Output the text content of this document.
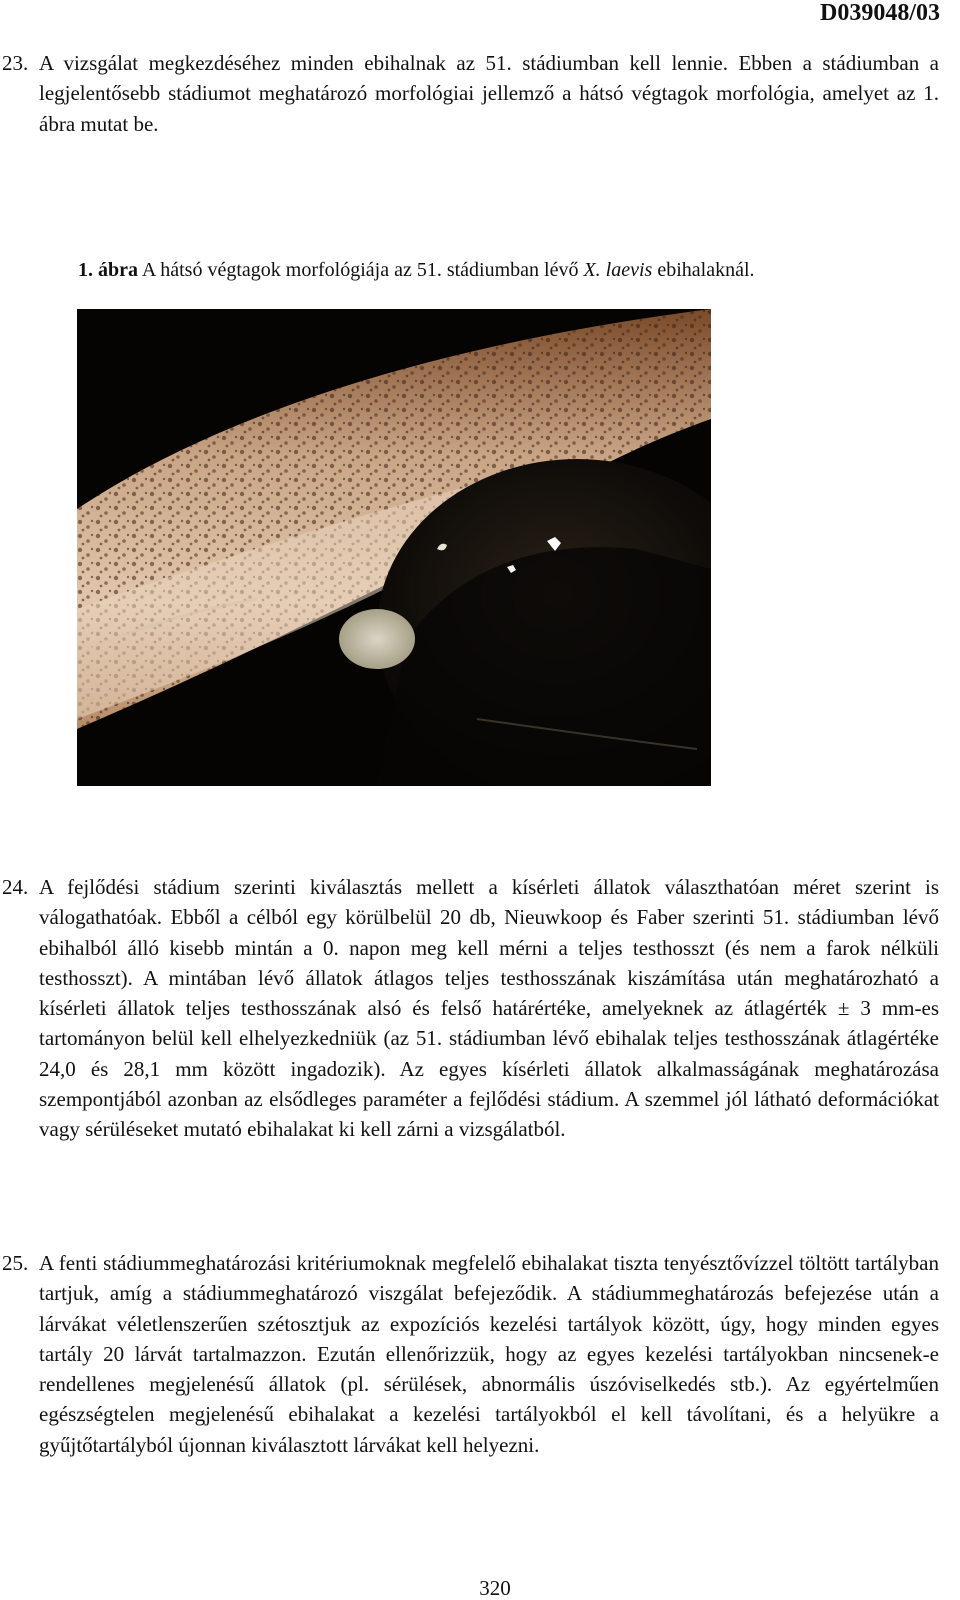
D039048/03
23. A vizsgálat megkezdéséhez minden ebihalnak az 51. stádiumban kell lennie. Ebben a stádiumban a legjelentősebb stádiumot meghatározó morfológiai jellemző a hátsó végtagok morfológia, amelyet az 1. ábra mutat be.
1. ábra A hátsó végtagok morfológiája az 51. stádiumban lévő X. laevis ebihalaknál.
24. A fejlődési stádium szerinti kiválasztás mellett a kísérleti állatok választhatóan méret szerint is válogathatóak. Ebből a célból egy körülbelül 20 db, Nieuwkoop és Faber szerinti 51. stádiumban lévő ebihalból álló kisebb mintán a 0. napon meg kell mérni a teljes testhosszt (és nem a farok nélküli testhosszt). A mintában lévő állatok átlagos teljes testhosszának kiszámítása után meghatározható a kísérleti állatok teljes testhosszának alsó és felső határértéke, amelyeknek az átlagérték ± 3 mm-es tartományon belül kell elhelyezkedniük (az 51. stádiumban lévő ebihalak teljes testhosszának átlagértéke 24,0 és 28,1 mm között ingadozik). Az egyes kísérleti állatok alkalmasságának meghatározása szempontjából azonban az elsődleges paraméter a fejlődési stádium. A szemmel jól látható deformációkat vagy sérüléseket mutató ebihalakat ki kell zárni a vizsgálatból.
25. A fenti stádiummeghatározási kritériumoknak megfelelő ebihalakat tiszta tenyésztővízzel töltött tartályban tartjuk, amíg a stádiummeghatározó viszgálat befejeződik. A stádiummeghatározás befejezése után a lárvákat véletlenszerűen szétosztjuk az expozíciós kezelési tartályok között, úgy, hogy minden egyes tartály 20 lárvát tartalmazzon. Ezután ellenőrizzük, hogy az egyes kezelési tartályokban nincsenek-e rendellenes megjelenésű állatok (pl. sérülések, abnormális úszóviselkedés stb.). Az egyértelműen egészségtelen megjelenésű ebihalakat a kezelési tartályokból el kell távolítani, és a helyükre a gyűjtőtartályból újonnan kiválasztott lárvákat kell helyezni.
320
